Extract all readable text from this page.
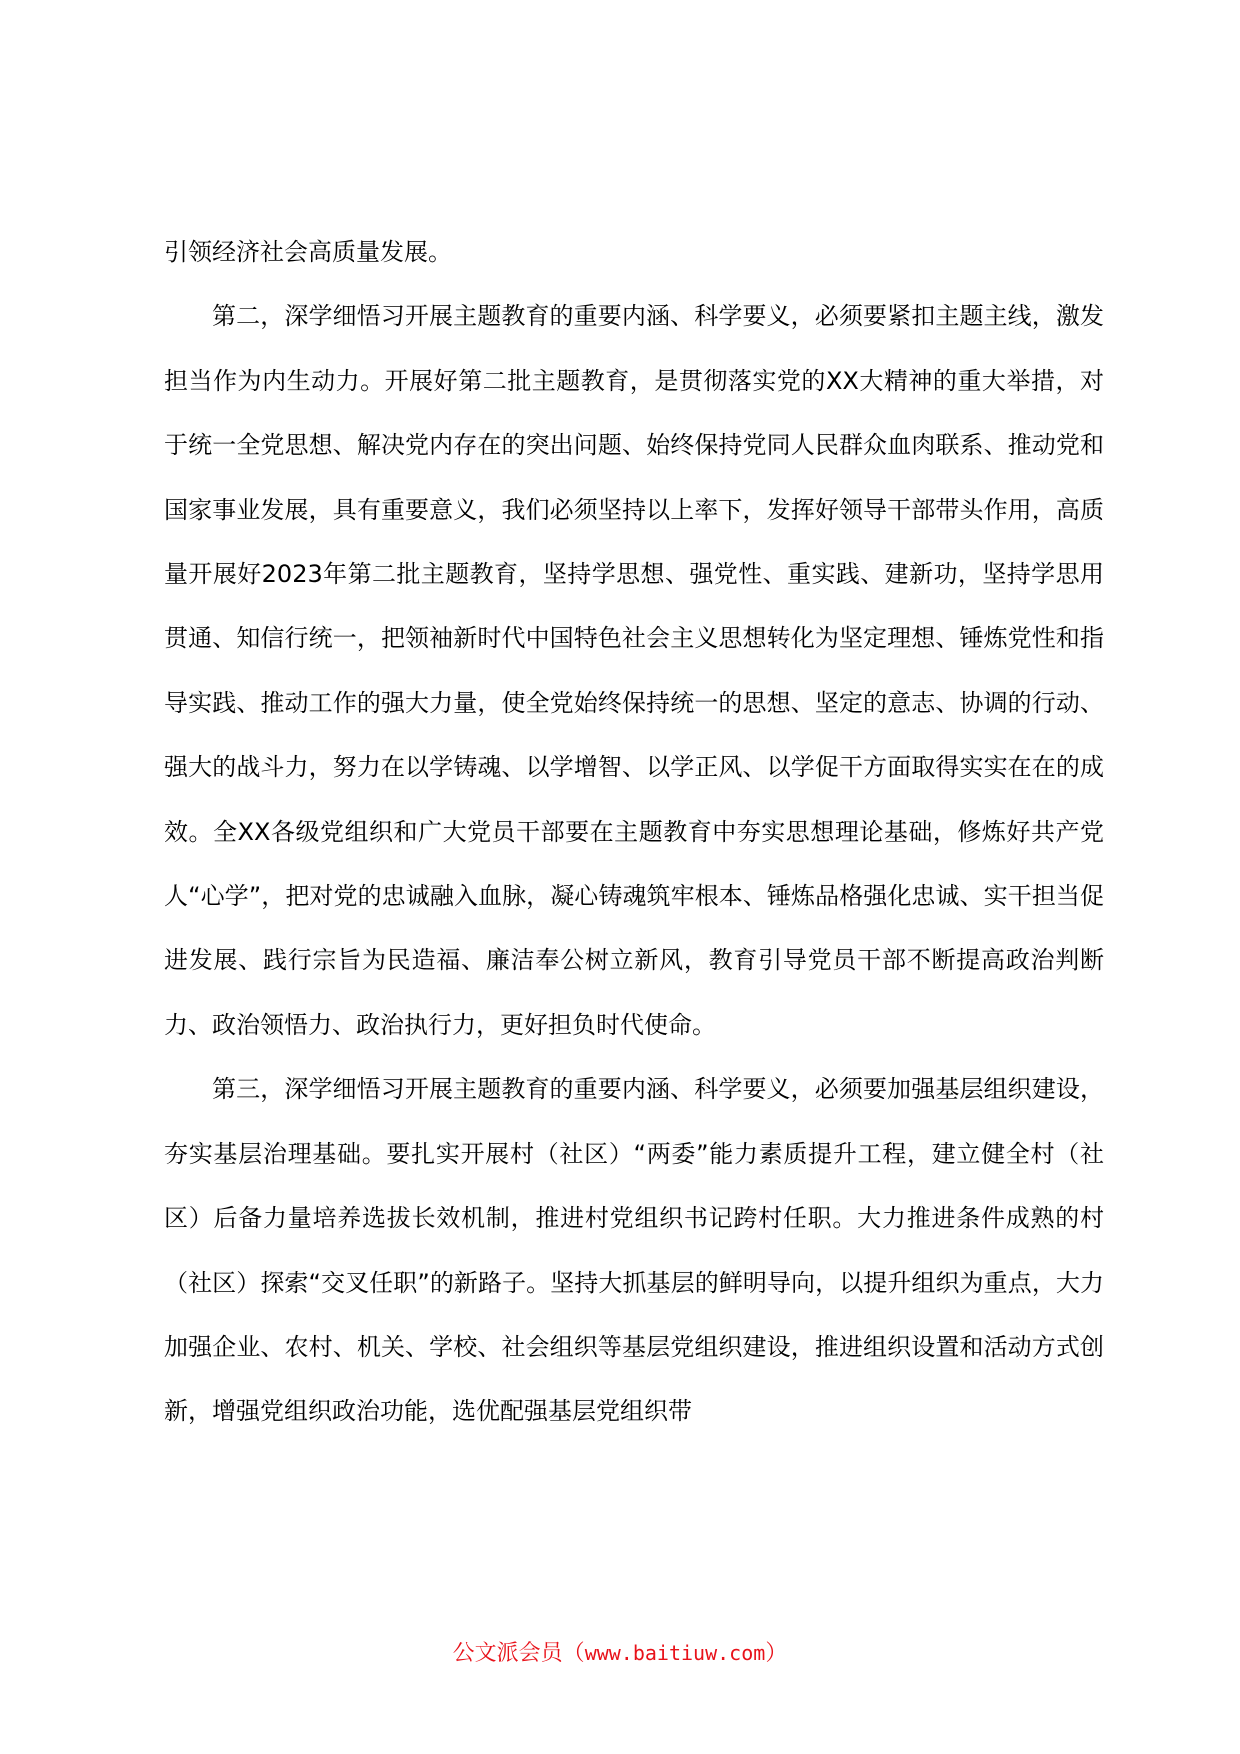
引领经济社会高质量发展。

第二，深学细悟习开展主题教育的重要内涵、科学要义，必须要紧扣主题主线，激发担当作为内生动力。开展好第二批主题教育，是贯彻落实党的XX大精神的重大举措，对于统一全党思想、解决党内存在的突出问题、始终保持党同人民群众血肉联系、推动党和国家事业发展，具有重要意义，我们必须坚持以上率下，发挥好领导干部带头作用，高质量开展好2023年第二批主题教育，坚持学思想、强党性、重实践、建新功，坚持学思用贯通、知信行统一，把领袖新时代中国特色社会主义思想转化为坚定理想、锤炼党性和指导实践、推动工作的强大力量，使全党始终保持统一的思想、坚定的意志、协调的行动、强大的战斗力，努力在以学铸魂、以学增智、以学正风、以学促干方面取得实实在在的成效。全XX各级党组织和广大党员干部要在主题教育中夯实思想理论基础，修炼好共产党人“心学”，把对党的忠诚融入血脉，凝心铸魂筑牢根本、锤炼品格强化忠诚、实干担当促进发展、践行宗旨为民造福、廉洁奉公树立新风，教育引导党员干部不断提高政治判断力、政治领悟力、政治执行力，更好担负时代使命。

第三，深学细悟习开展主题教育的重要内涵、科学要义，必须要加强基层组织建设，夯实基层治理基础。要扎实开展村（社区）“两委”能力素质提升工程，建立健全村（社区）后备力量培养选拔长效机制，推进村党组织书记跨村任职。大力推进条件成熟的村（社区）探索“交叉任职”的新路子。坚持大抓基层的鲜明导向，以提升组织为重点，大力加强企业、农村、机关、学校、社会组织等基层党组织建设，推进组织设置和活动方式创新，增强党组织政治功能，选优配强基层党组织带

公文派会员（www.baitiuw.com）
